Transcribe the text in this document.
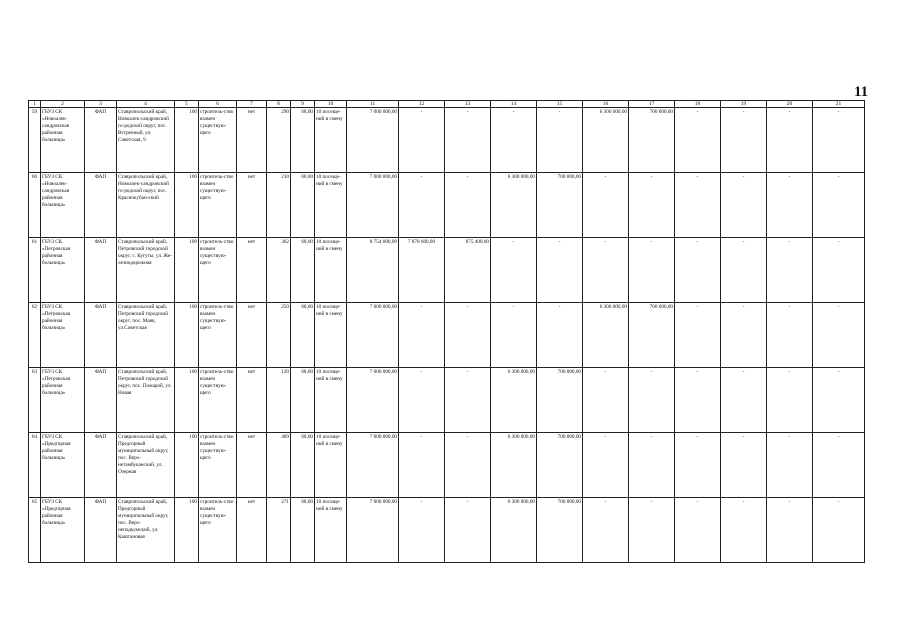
11
1	2	3	4	5	6	7	8	9	10	11	12	13	14	15	16	17	18	19	20	21
59	ГБУЗ СК «Новоалек-сандровская районная больница»	ФАП	Ставропольский край, Новоалек-сандровский го-родской округ, пос. Встречный, ул. Советская, 9	100	строитель-ство взамен существую-щего	нет	290	68,00	10 посеще-ний в смену	7 000 000,00	-	-	-	-	6 300 000,00	700 000,00	-	-	-	-
60	ГБУЗ СК «Новоалек-сандровская районная больница»	ФАП	Ставропольский край, Новоалек-сандровский го-родской округ, пос. Краснокубан-ский	100	строитель-ство взамен существую-щего	нет	210	68,00	10 посеще-ний в смену	7 000 000,00	-	-	6 300 000,00	700 000,00	-	-	-	-	-	-
61	ГБУЗ СК «Петровская районная больница»	ФАП	Ставропольский край, Петровский городской округ, с. Кугуты, ул. Же-лезнодорожная	100	строитель-ство взамен существую-щего	нет	362	68,00	10 посеще-ний в смену	8 754 000,00	7 878 600,00	875 400,00	-	-	-	-	-	-	-	-
62	ГБУЗ СК «Петровская районная больница»	ФАП	Ставропольский край, Петровский городской округ, пос. Маяк, ул.Советская	100	строитель-ство взамен существую-щего	нет	250	68,00	10 посеще-ний в смену	7 000 000,00	-	-	-	-	6 300 000,00	700 000,00	-	-	-	-
63	ГБУЗ СК «Петровская районная больница»	ФАП	Ставропольский край, Петровский городской округ, пос. Пожарой, ул. Новая	100	строитель-ство взамен существую-щего	нет	120	68,00	10 посеще-ний в смену	7 000 000,00	-	-	6 300 000,00	700 000,00	-	-	-	-	-	-
64	ГБУЗ СК «Предгорная районная больница»	ФАП	Ставропольский край, Предгорный муниципальный округ, пос. Верх-нетамбуканский, ул. Озерная	100	строитель-ство взамен существую-щего	нет	489	68,00	10 посеще-ний в смену	7 000 000,00	-	-	6 300 000,00	700 000,00	-	-	-	-	-	-
65	ГБУЗ СК «Предгорная районная больница»	ФАП	Ставропольский край, Предгорный муниципальный округ, пос. Верх-неподкумский, ул. Каштановая	100	строитель-ство взамен существую-щего	нет	271	68,00	10 посеще-ний в смену	7 000 000,00	-	-	6 300 000,00	700 000,00	-	-	-	-	-	-
